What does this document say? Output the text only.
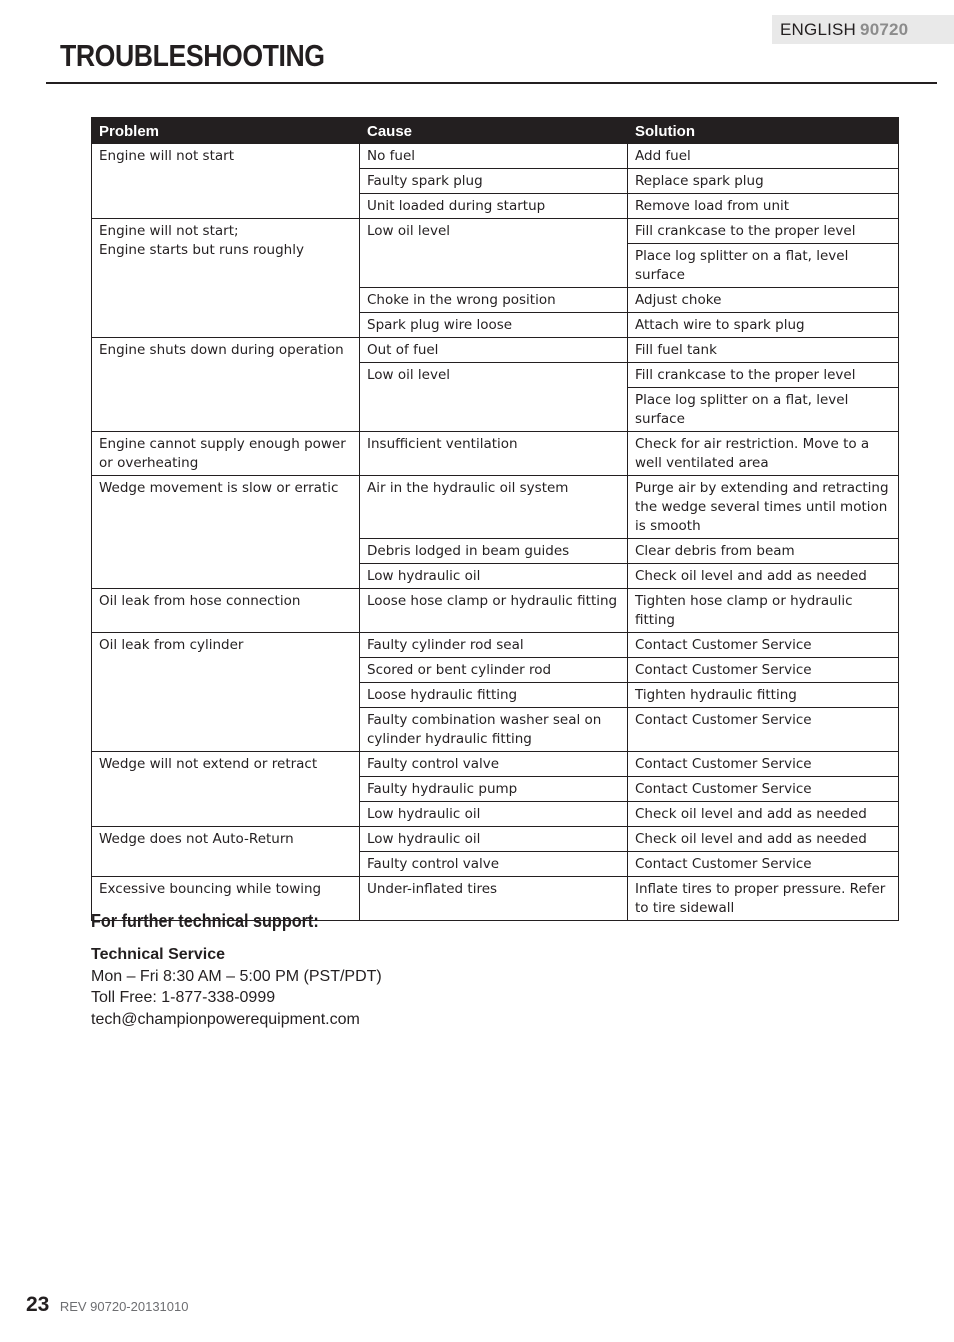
ENGLISH 90720
TROUBLESHOOTING
Problem	Cause	Solution

Engine will not start	No fuel	Add fuel
	Faulty spark plug	Replace spark plug
	Unit loaded during startup	Remove load from unit

Engine will not start;
Engine starts but runs roughly	Low oil level	Fill crankcase to the proper level
		Place log splitter on a flat, level surface
	Choke in the wrong position	Adjust choke
	Spark plug wire loose	Attach wire to spark plug

Engine shuts down during operation	Out of fuel	Fill fuel tank
	Low oil level	Fill crankcase to the proper level
		Place log splitter on a flat, level surface

Engine cannot supply enough power or overheating	Insufficient ventilation	Check for air restriction. Move to a well ventilated area

Wedge movement is slow or erratic	Air in the hydraulic oil system	Purge air by extending and retracting the wedge several times until motion is smooth
	Debris lodged in beam guides	Clear debris from beam
	Low hydraulic oil	Check oil level and add as needed

Oil leak from hose connection	Loose hose clamp or hydraulic fitting	Tighten hose clamp or hydraulic fitting

Oil leak from cylinder	Faulty cylinder rod seal	Contact Customer Service
	Scored or bent cylinder rod	Contact Customer Service
	Loose hydraulic fitting	Tighten hydraulic fitting
	Faulty combination washer seal on cylinder hydraulic fitting	Contact Customer Service

Wedge will not extend or retract	Faulty control valve	Contact Customer Service
	Faulty hydraulic pump	Contact Customer Service
	Low hydraulic oil	Check oil level and add as needed

Wedge does not Auto-Return	Low hydraulic oil	Check oil level and add as needed
	Faulty control valve	Contact Customer Service

Excessive bouncing while towing	Under-inflated tires	Inflate tires to proper pressure. Refer to tire sidewall
For further technical support:
Technical Service
Mon – Fri 8:30 AM – 5:00 PM (PST/PDT)
Toll Free: 1-877-338-0999
tech@championpowerequipment.com
23 REV 90720-20131010
